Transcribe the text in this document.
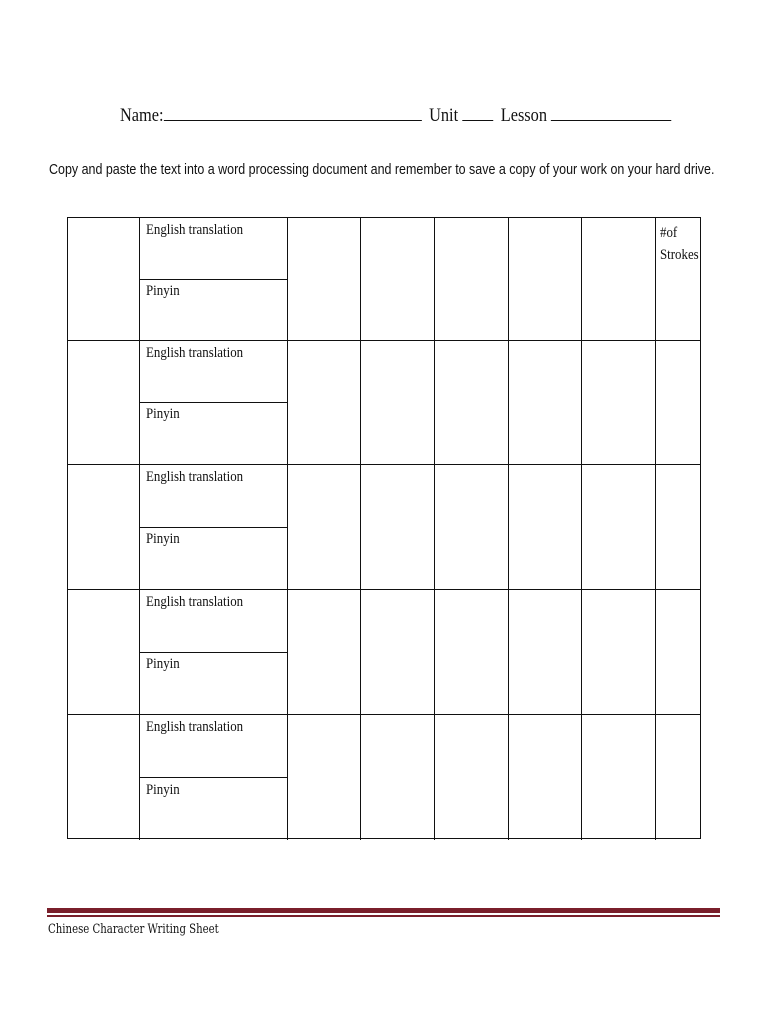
Name:	Unit Lesson
Copy and paste the text into a word processing document and remember to save a copy of your work on your hard drive.
English translation
Pinyin
#of
Strokes
English translation
Pinyin
English translation
Pinyin
English translation
Pinyin
English translation
Pinyin
Chinese Character Writing Sheet
